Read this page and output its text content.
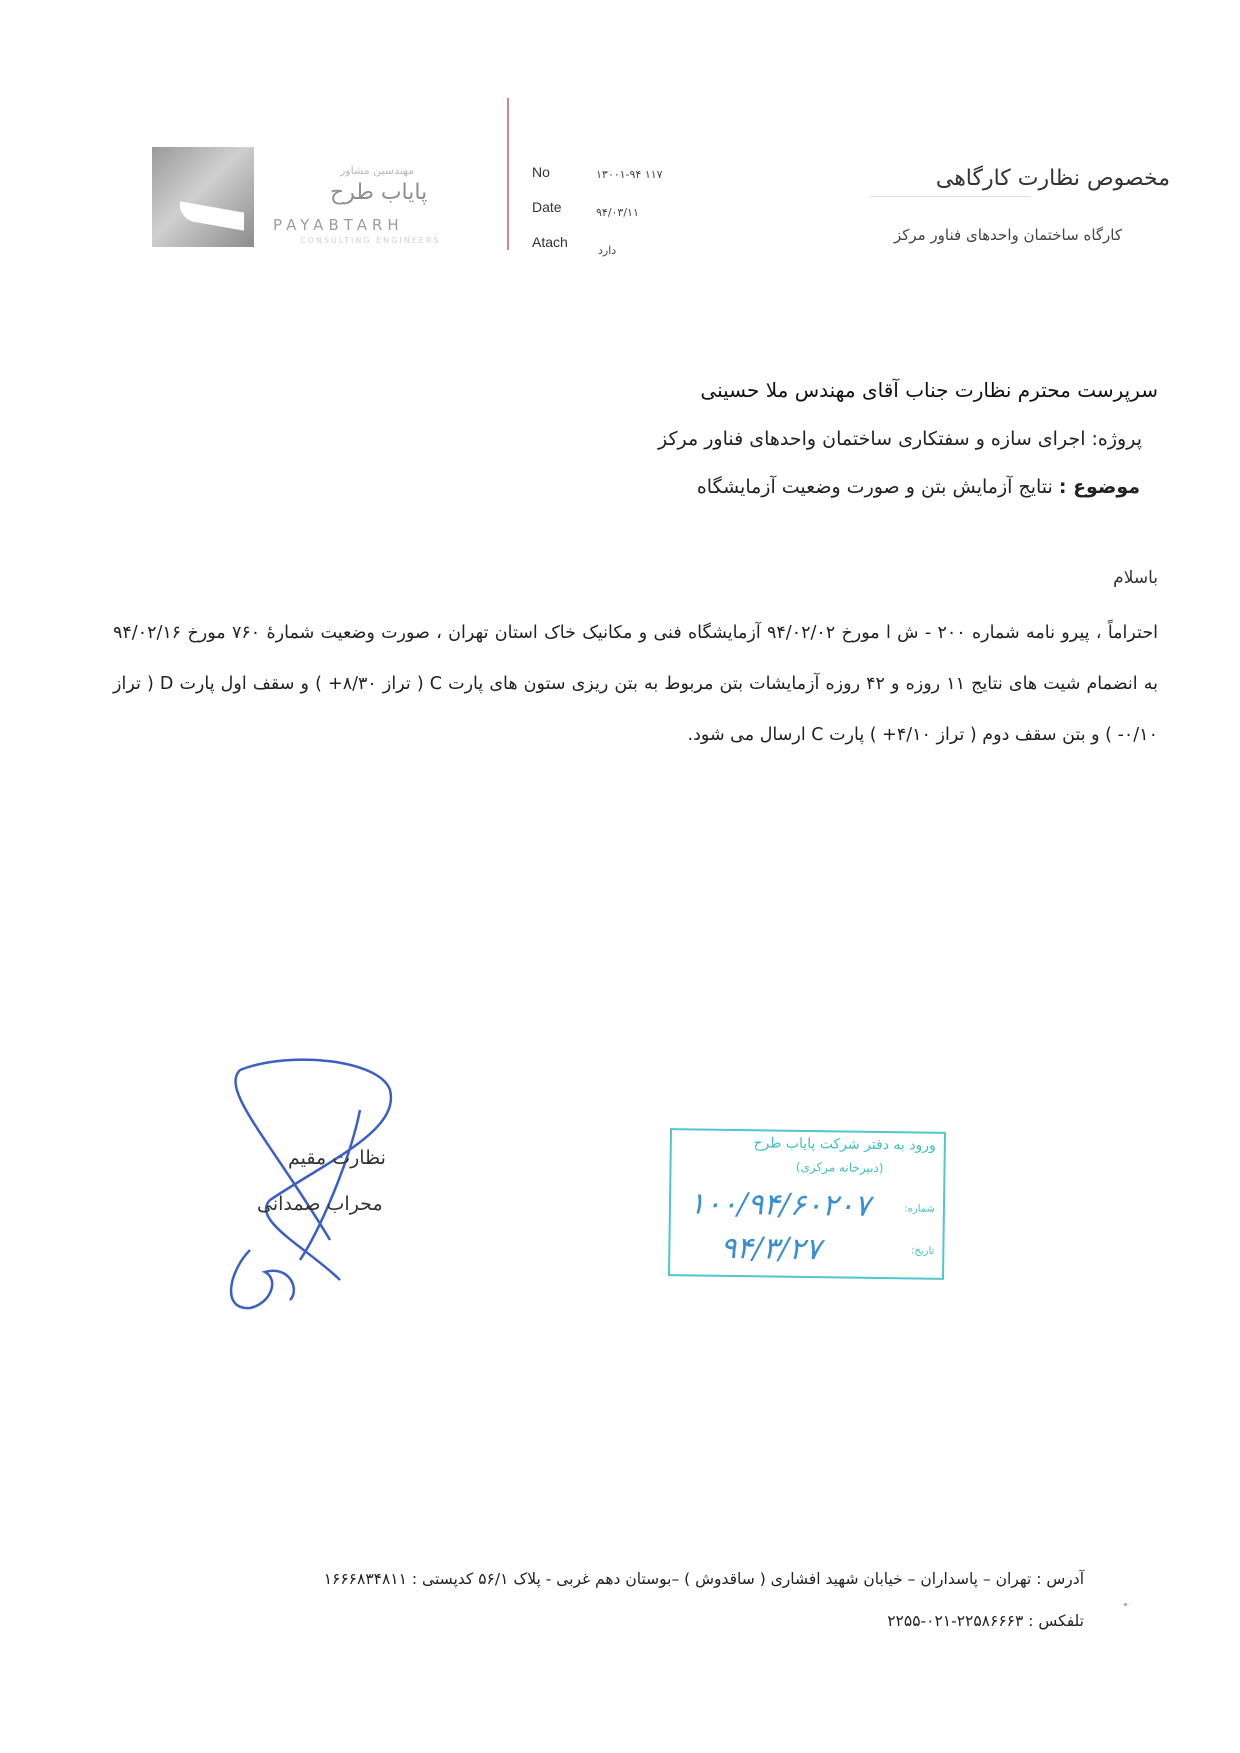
مهندسین مشاور
پایاب طرح
PAYABTARH
CONSULTING ENGINEERS
No	۱۳۰۰۱-۹۴ ۱۱۷
Date	۹۴/۰۳/۱۱
Atach
دارد
مخصوص نظارت کارگاهی
کارگاه ساختمان واحدهای فناور مرکز
سرپرست محترم نظارت جناب آقای مهندس ملا حسینی
پروژه: اجرای سازه و سفتکاری ساختمان واحدهای فناور مرکز
موضوع : نتایج آزمایش بتن و صورت وضعیت آزمایشگاه
باسلام
احتراماً ، پیرو نامه شماره ۲۰۰ - ش ا مورخ ۹۴/۰۲/۰۲ آزمایشگاه فنی و مکانیک خاک استان تهران ، صورت وضعیت شمارهٔ ۷۶۰ مورخ ۹۴/۰۲/۱۶ به انضمام شیت های نتایج ۱۱ روزه و ۴۲ روزه آزمایشات بتن مربوط به بتن ریزی ستون های پارت C ( تراز ۸/۳۰+ ) و سقف اول پارت D ( تراز ۰/۱۰- ) و بتن سقف دوم ( تراز ۴/۱۰+ ) پارت C ارسال می شود.
نظارت مقیم
محراب صمدانی
ورود به دفتر شرکت پایاب طرح
(دبیرخانه مرکزی)
شماره:
۱۰۰/۹۴/۶۰۲۰۷
تاریخ:
۹۴/۳/۲۷
آدرس : تهران – پاسداران – خیابان شهید افشاری ( ساقدوش ) –بوستان دهم غربی - پلاک ۵۶/۱ کدپستی : ۱۶۶۶۸۳۴۸۱۱
تلفکس : ۲۲۵۸۶۶۶۳-۰۲۱-۲۲۵۵
